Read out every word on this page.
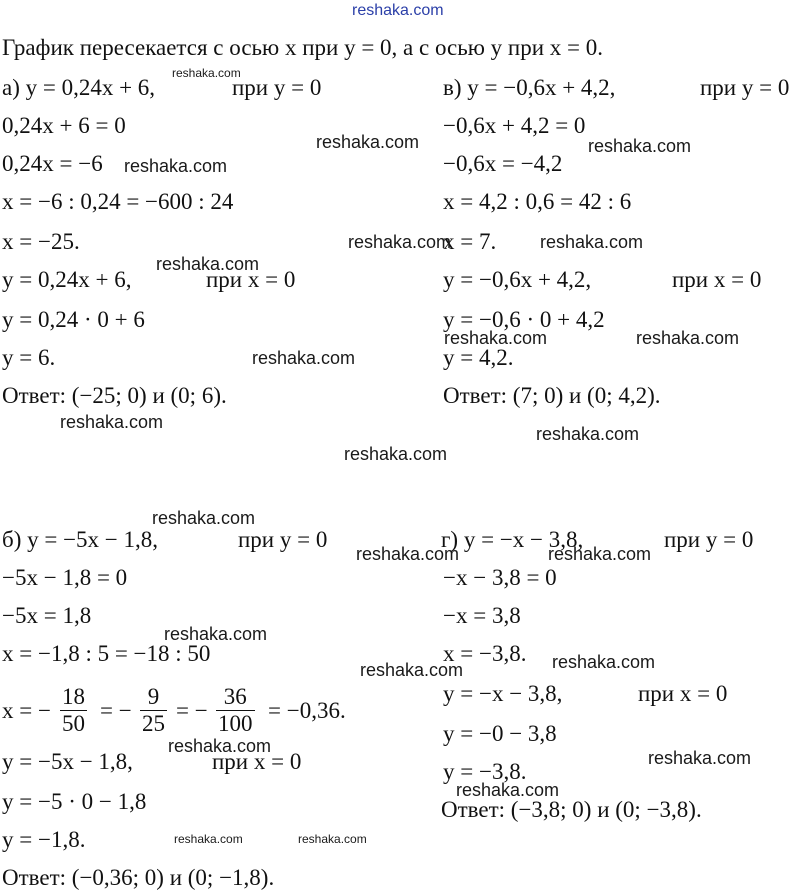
reshaka.com
График пересекается с осью x при y = 0, а с осью y при x = 0.
а) y = 0,24x + 6,
reshaka.com
при y = 0
0,24x + 6 = 0
0,24x = −6
x = −6 : 0,24 = −600 : 24
x = −25.
y = 0,24x + 6,	при x = 0
y = 0,24 · 0 + 6
y = 6.
Ответ: (−25; 0) и (0; 6).
в) y = −0,6x + 4,2,	при y = 0
−0,6x + 4,2 = 0
−0,6x = −4,2
x = 4,2 : 0,6 = 42 : 6
x = 7.
y = −0,6x + 4,2,	при x = 0
y = −0,6 · 0 + 4,2
y = 4,2.
Ответ: (7; 0) и (0; 4,2).
б) y = −5x − 1,8,	при y = 0
−5x − 1,8 = 0
−5x = 1,8
x = −1,8 : 5 = −18 : 50
x = − $\frac{18}{50}$ = − $\frac{9}{25}$ = − $\frac{36}{100} = -0,36$.
y = −5x − 1,8,	при x = 0
y = −5 · 0 − 1,8
y = −1,8.
Ответ: (−0,36; 0) и (0; −1,8).
г) y = −x − 3,8,	при y = 0
−x − 3,8 = 0
−x = 3,8
x = −3,8.
y = −x − 3,8,	при x = 0
y = −0 − 3,8
y = −3,8.
Ответ: (−3,8; 0) и (0; −3,8).
reshaka.com	reshaka.com
reshaka.com
reshaka.com	reshaka.com
reshaka.com
reshaka.com	reshaka.com
reshaka.com
reshaka.com
reshaka.com
reshaka.com
reshaka.com
reshaka.com	reshaka.com
reshaka.com
reshaka.com
reshaka.com
reshaka.com
reshaka.com
reshaka.com
reshaka.com	reshaka.com
